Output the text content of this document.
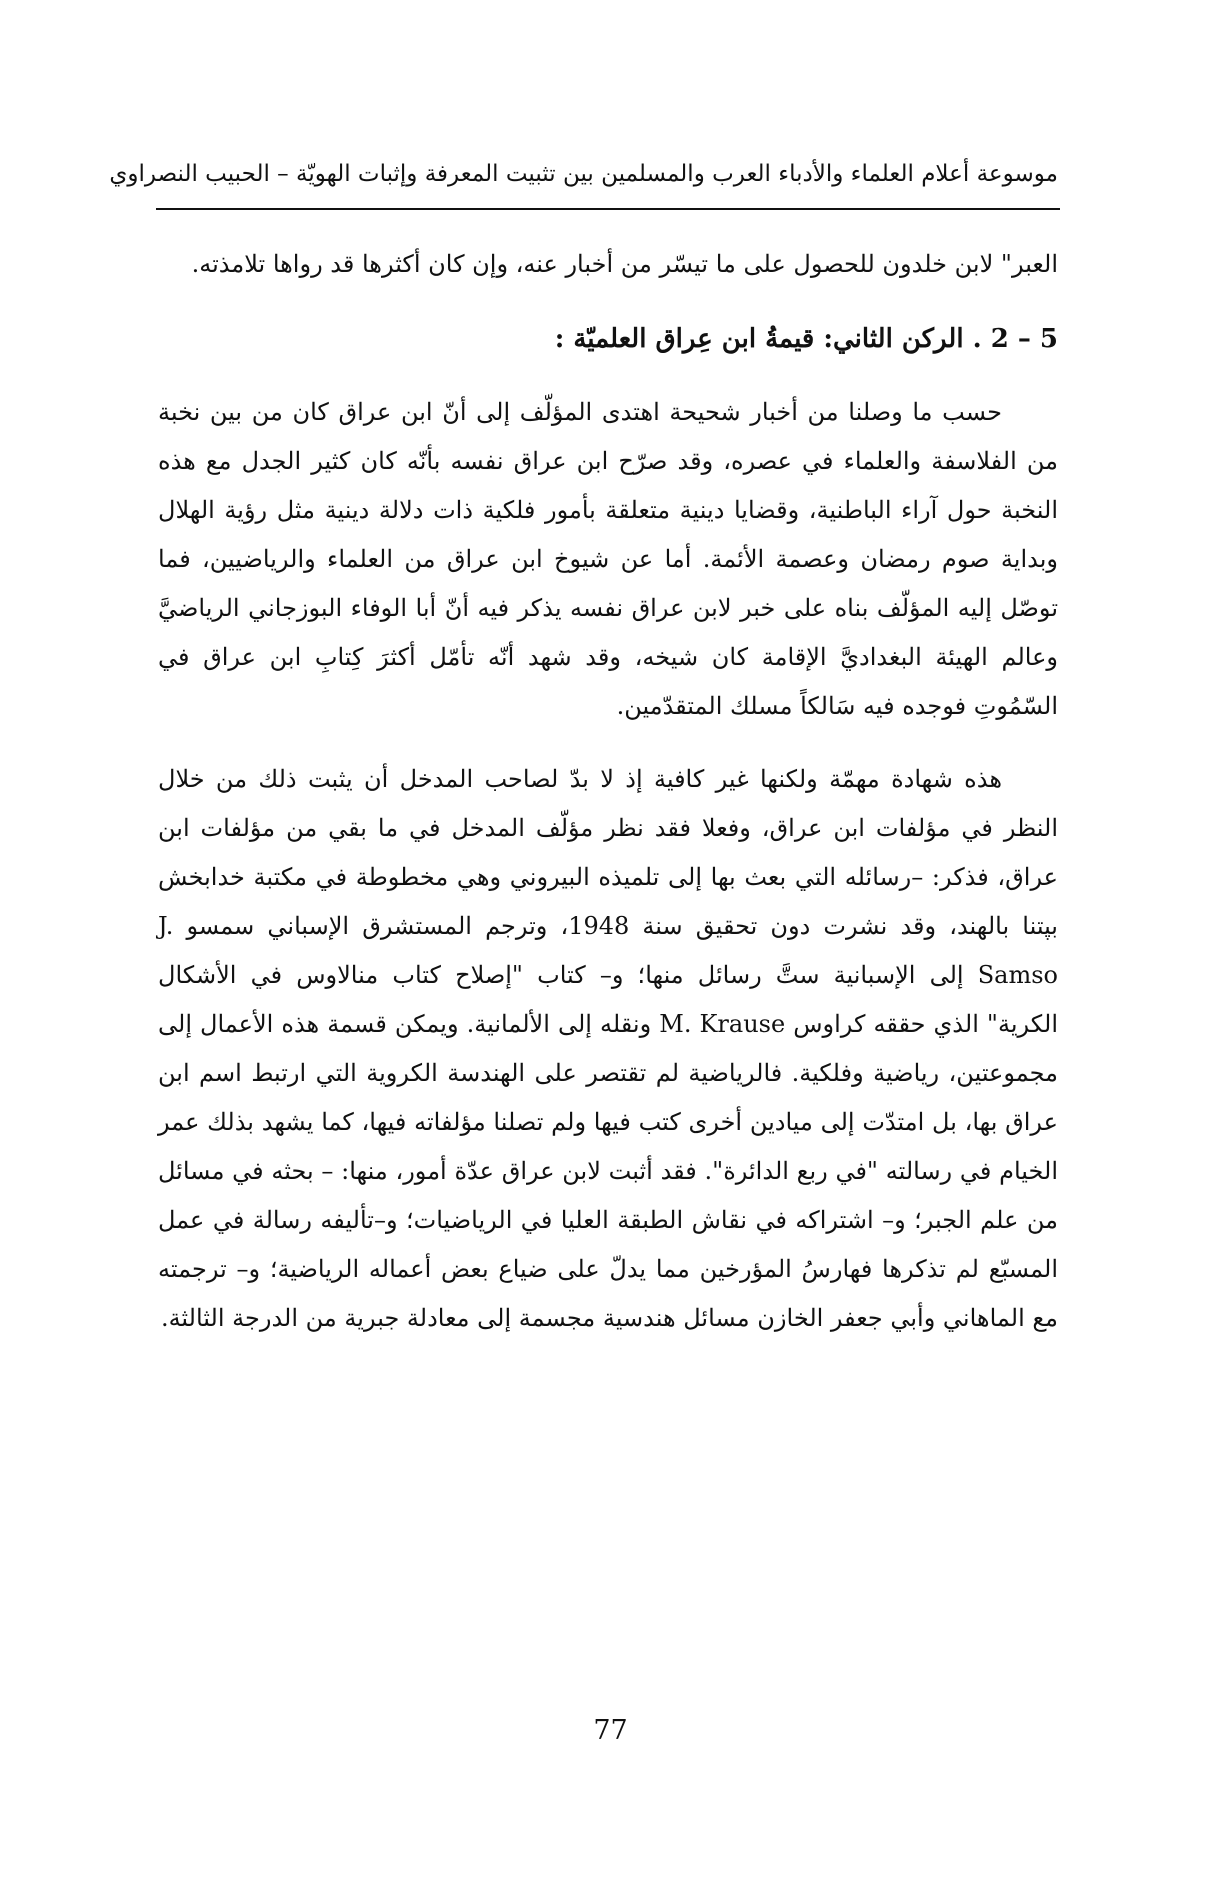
موسوعة أعلام العلماء والأدباء العرب والمسلمين بين تثبيت المعرفة وإثبات الهويّة – الحبيب النصراوي

العبر" لابن خلدون للحصول على ما تيسّر من أخبار عنه، وإن كان أكثرها قد رواها تلامذته.

5 – 2 . الركن الثاني: قيمةُ ابن عِراق العلميّة :

حسب ما وصلنا من أخبار شحيحة اهتدى المؤلّف إلى أنّ ابن عراق كان من بين نخبة من الفلاسفة والعلماء في عصره، وقد صرّح ابن عراق نفسه بأنّه كان كثير الجدل مع هذه النخبة حول آراء الباطنية، وقضايا دينية متعلقة بأمور فلكية ذات دلالة دينية مثل رؤية الهلال وبداية صوم رمضان وعصمة الأئمة. أما عن شيوخ ابن عراق من العلماء والرياضيين، فما توصّل إليه المؤلّف بناه على خبر لابن عراق نفسه يذكر فيه أنّ أبا الوفاء البوزجاني الرياضيَّ وعالم الهيئة البغداديَّ الإقامة كان شيخه، وقد شهد أنّه تأمّل أكثرَ كِتابِ ابن عراق في السّمُوتِ فوجده فيه سَالكاً مسلك المتقدّمين.

هذه شهادة مهمّة ولكنها غير كافية إذ لا بدّ لصاحب المدخل أن يثبت ذلك من خلال النظر في مؤلفات ابن عراق، وفعلا فقد نظر مؤلّف المدخل في ما بقي من مؤلفات ابن عراق، فذكر: –رسائله التي بعث بها إلى تلميذه البيروني وهي مخطوطة في مكتبة خدابخش بپتنا بالهند، وقد نشرت دون تحقيق سنة 1948، وترجم المستشرق الإسباني سمسو J. Samso إلى الإسبانية ستَّ رسائل منها؛ و– كتاب "إصلاح كتاب منالاوس في الأشكال الكرية" الذي حققه كراوس M. Krause ونقله إلى الألمانية. ويمكن قسمة هذه الأعمال إلى مجموعتين، رياضية وفلكية. فالرياضية لم تقتصر على الهندسة الكروية التي ارتبط اسم ابن عراق بها، بل امتدّت إلى ميادين أخرى كتب فيها ولم تصلنا مؤلفاته فيها، كما يشهد بذلك عمر الخيام في رسالته "في ربع الدائرة". فقد أثبت لابن عراق عدّة أمور، منها: – بحثه في مسائل من علم الجبر؛ و– اشتراكه في نقاش الطبقة العليا في الرياضيات؛ و–تأليفه رسالة في عمل المسبّع لم تذكرها فهارسُ المؤرخين مما يدلّ على ضياع بعض أعماله الرياضية؛ و– ترجمته مع الماهاني وأبي جعفر الخازن مسائل هندسية مجسمة إلى معادلة جبرية من الدرجة الثالثة.

77
